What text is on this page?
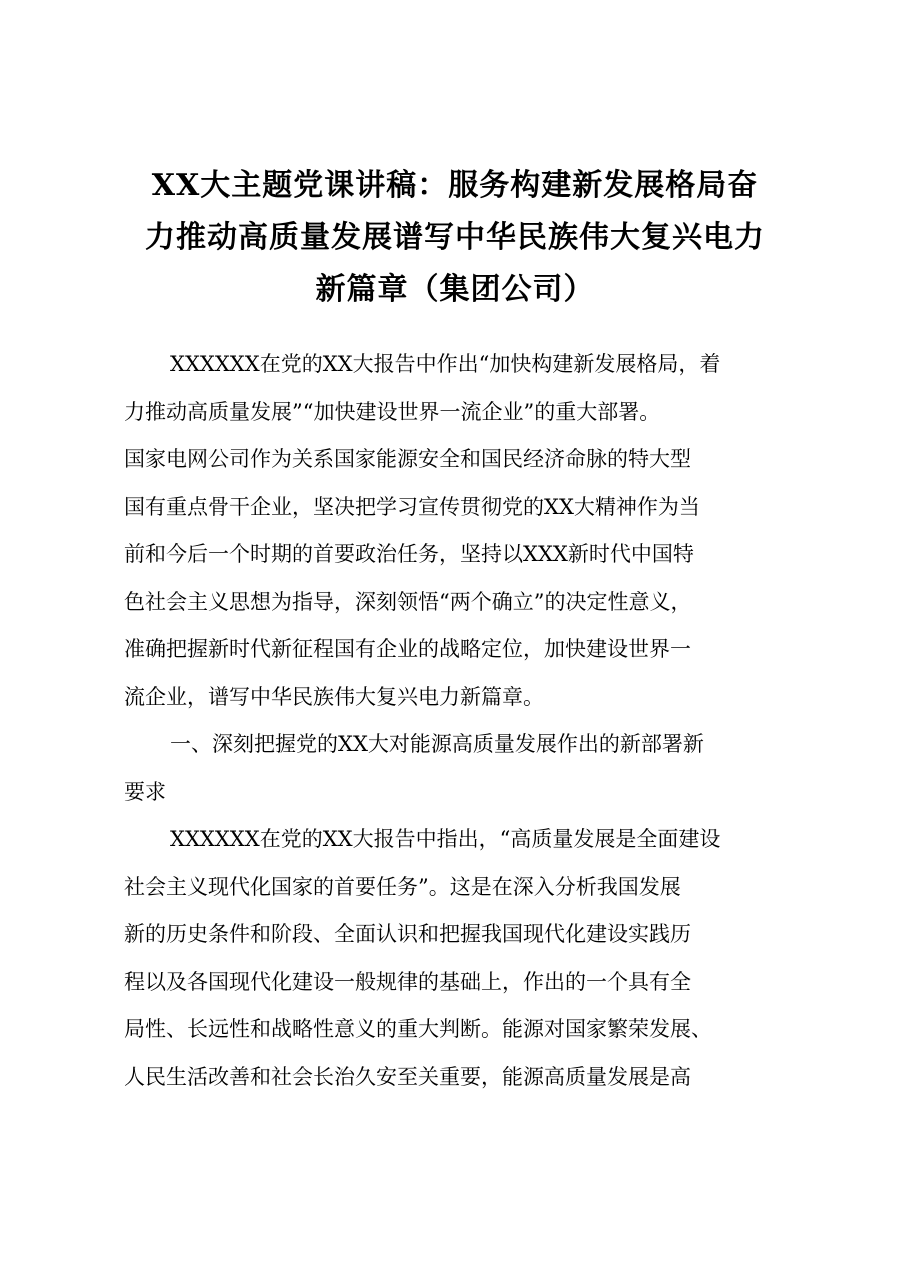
XX大主题党课讲稿：服务构建新发展格局奋
力推动高质量发展谱写中华民族伟大复兴电力
新篇章（集团公司）

XXXXXX在党的XX大报告中作出“加快构建新发展格局，着
力推动高质量发展”“加快建设世界一流企业”的重大部署。
国家电网公司作为关系国家能源安全和国民经济命脉的特大型
国有重点骨干企业，坚决把学习宣传贯彻党的XX大精神作为当
前和今后一个时期的首要政治任务，坚持以XXX新时代中国特
色社会主义思想为指导，深刻领悟“两个确立”的决定性意义，
准确把握新时代新征程国有企业的战略定位，加快建设世界一
流企业，谱写中华民族伟大复兴电力新篇章。

一、深刻把握党的XX大对能源高质量发展作出的新部署新
要求

XXXXXX在党的XX大报告中指出，“高质量发展是全面建设
社会主义现代化国家的首要任务”。这是在深入分析我国发展
新的历史条件和阶段、全面认识和把握我国现代化建设实践历
程以及各国现代化建设一般规律的基础上，作出的一个具有全
局性、长远性和战略性意义的重大判断。能源对国家繁荣发展、
人民生活改善和社会长治久安至关重要，能源高质量发展是高
